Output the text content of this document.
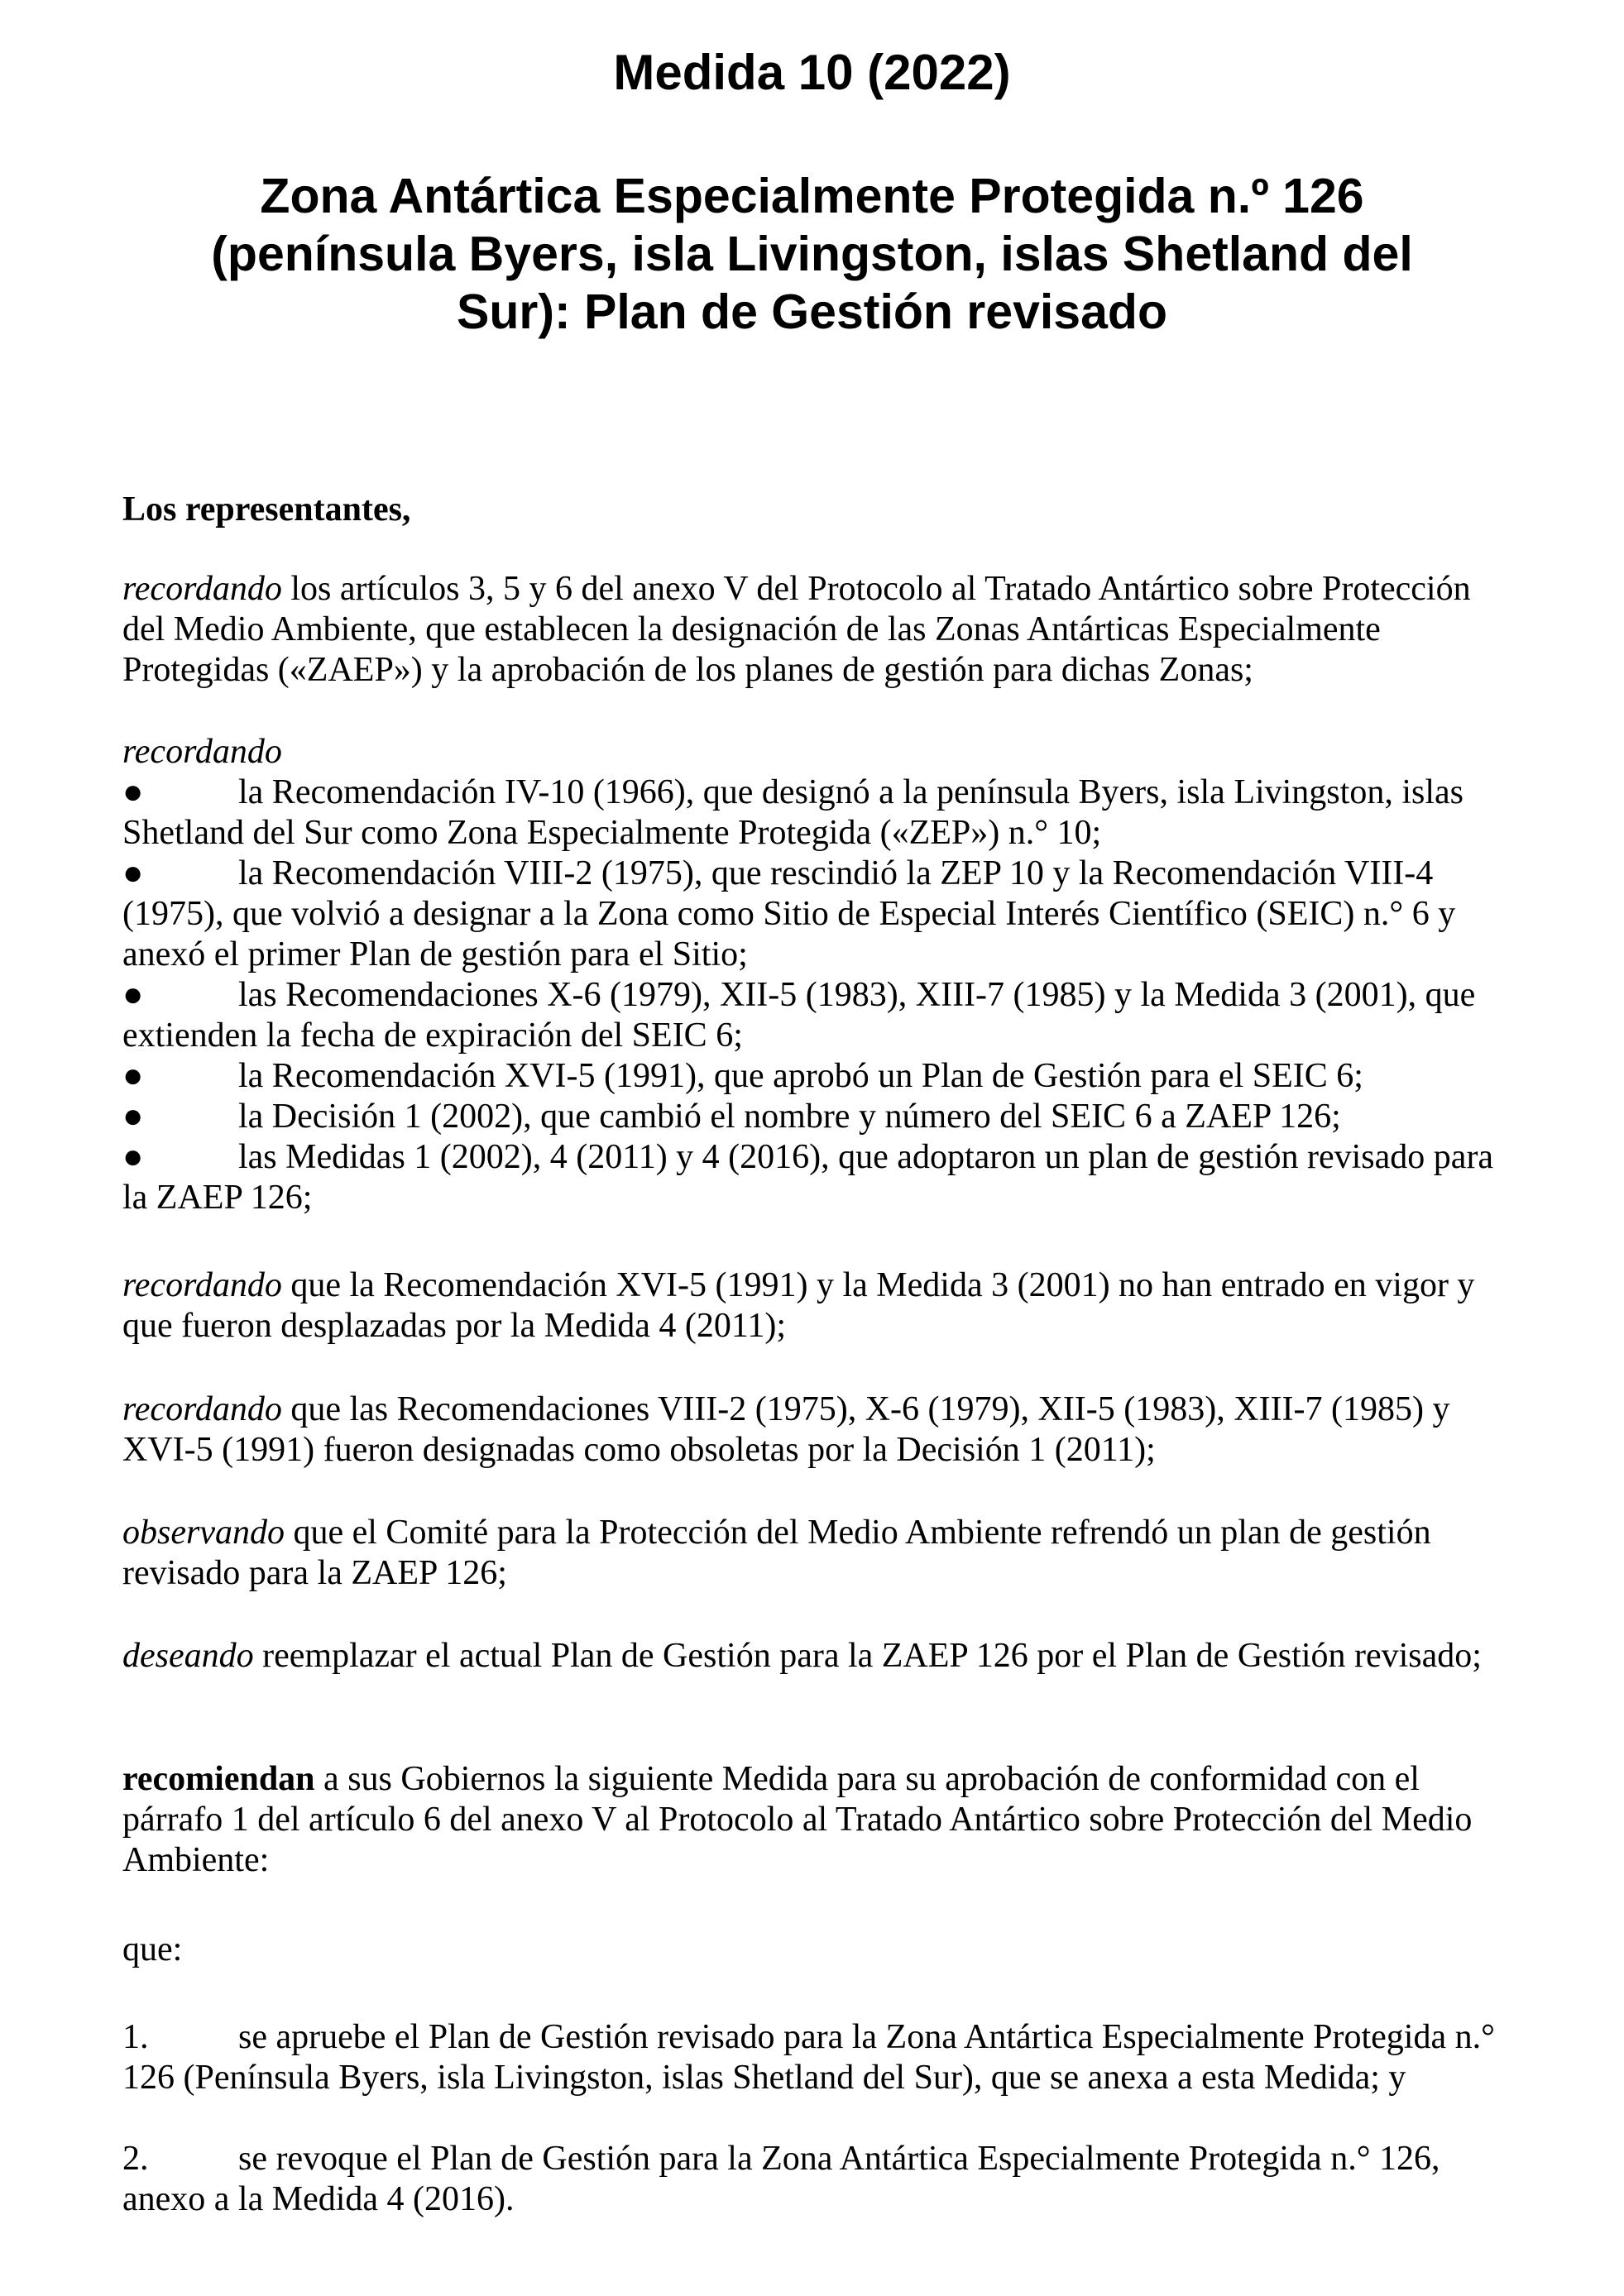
Medida 10 (2022)
Zona Antártica Especialmente Protegida n.º 126
(península Byers, isla Livingston, islas Shetland del
Sur): Plan de Gestión revisado

Los representantes,

recordando los artículos 3, 5 y 6 del anexo V del Protocolo al Tratado Antártico sobre Protección del Medio Ambiente, que establecen la designación de las Zonas Antárticas Especialmente Protegidas («ZAEP») y la aprobación de los planes de gestión para dichas Zonas;

recordando

●	la Recomendación IV-10 (1966), que designó a la península Byers, isla Livingston, islas Shetland del Sur como Zona Especialmente Protegida («ZEP») n.° 10;

●	la Recomendación VIII-2 (1975), que rescindió la ZEP 10 y la Recomendación VIII-4 (1975), que volvió a designar a la Zona como Sitio de Especial Interés Científico (SEIC) n.° 6 y anexó el primer Plan de gestión para el Sitio;

●	las Recomendaciones X-6 (1979), XII-5 (1983), XIII-7 (1985) y la Medida 3 (2001), que extienden la fecha de expiración del SEIC 6;

●	la Recomendación XVI-5 (1991), que aprobó un Plan de Gestión para el SEIC 6;

●	la Decisión 1 (2002), que cambió el nombre y número del SEIC 6 a ZAEP 126;

●	las Medidas 1 (2002), 4 (2011) y 4 (2016), que adoptaron un plan de gestión revisado para la ZAEP 126;

recordando que la Recomendación XVI-5 (1991) y la Medida 3 (2001) no han entrado en vigor y que fueron desplazadas por la Medida 4 (2011);

recordando que las Recomendaciones VIII-2 (1975), X-6 (1979), XII-5 (1983), XIII-7 (1985) y XVI-5 (1991) fueron designadas como obsoletas por la Decisión 1 (2011);

observando que el Comité para la Protección del Medio Ambiente refrendó un plan de gestión revisado para la ZAEP 126;

deseando reemplazar el actual Plan de Gestión para la ZAEP 126 por el Plan de Gestión revisado;

recomiendan a sus Gobiernos la siguiente Medida para su aprobación de conformidad con el párrafo 1 del artículo 6 del anexo V al Protocolo al Tratado Antártico sobre Protección del Medio Ambiente:

que:

1.	se apruebe el Plan de Gestión revisado para la Zona Antártica Especialmente Protegida n.° 126 (Península Byers, isla Livingston, islas Shetland del Sur), que se anexa a esta Medida; y

2.	se revoque el Plan de Gestión para la Zona Antártica Especialmente Protegida n.° 126, anexo a la Medida 4 (2016).
